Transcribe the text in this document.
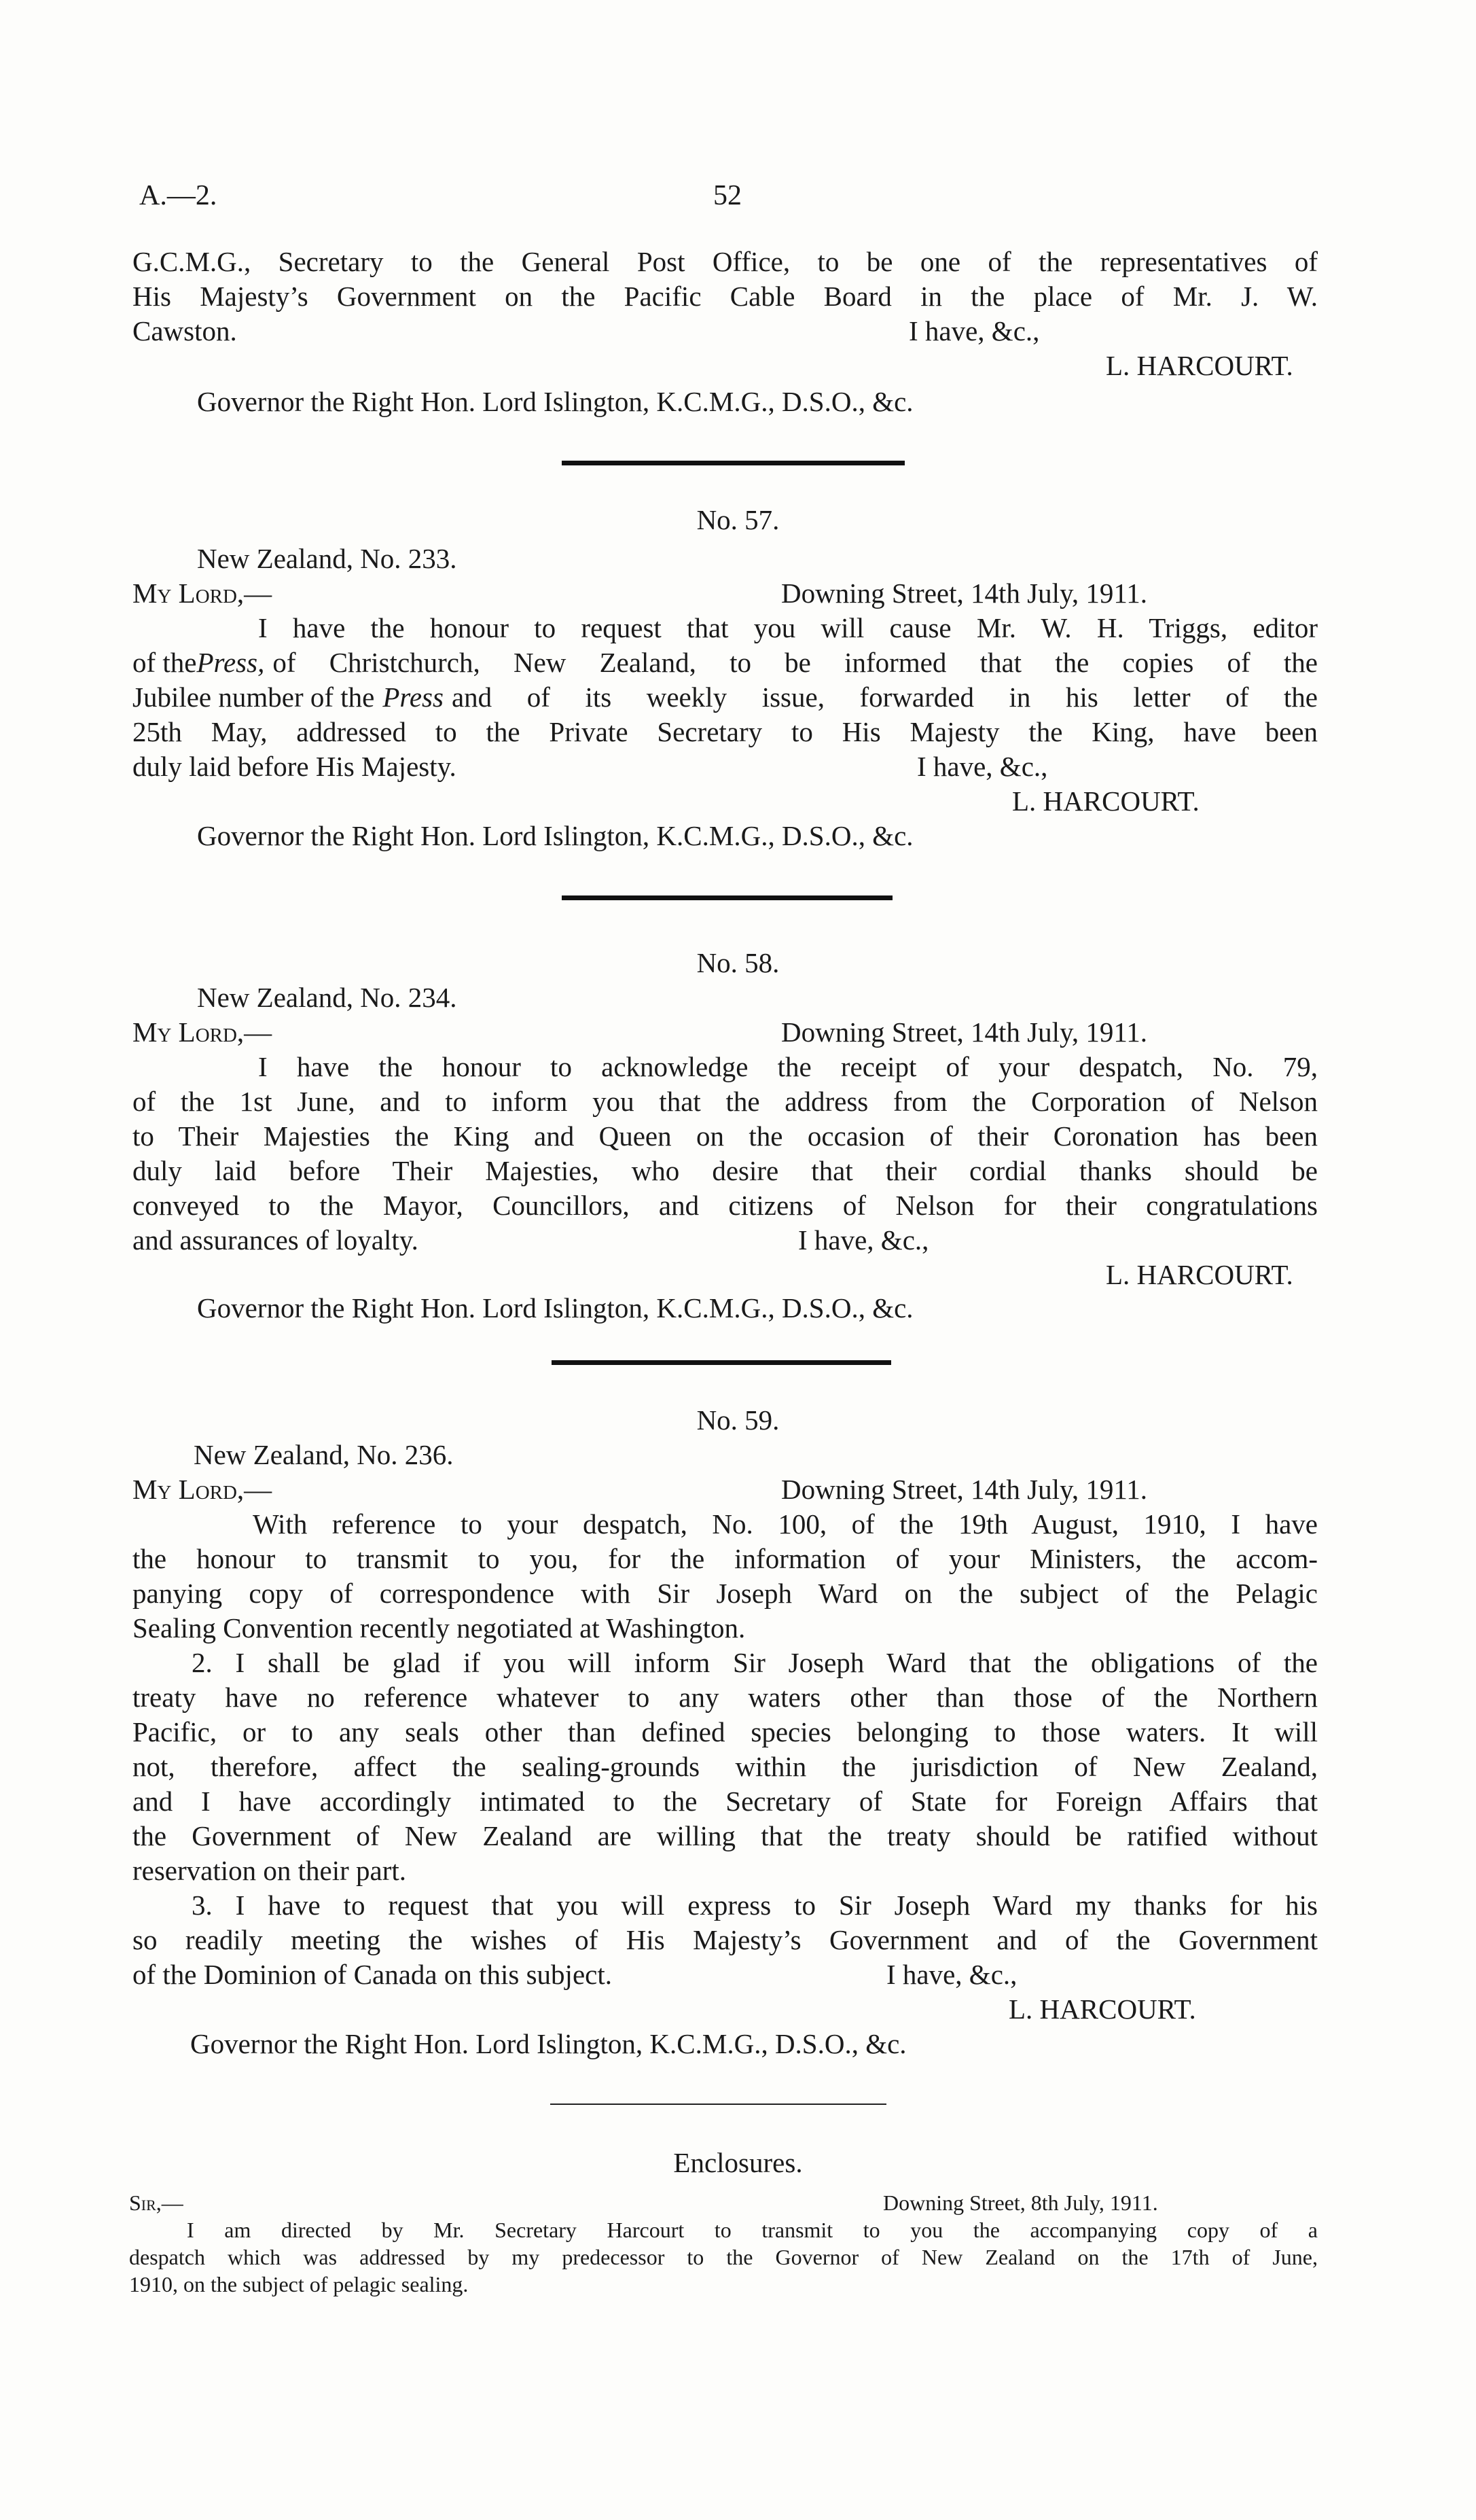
A.—2.	52
G.C.M.G., Secretary to the General Post Office, to be one of the representatives of
His Majesty’s Government on the Pacific Cable Board in the place of Mr. J. W.
Cawston.	I have, &c.,
L. HARCOURT.
Governor the Right Hon. Lord Islington, K.C.M.G., D.S.O., &c.
No. 57.
New Zealand, No. 233.
My Lord,—	Downing Street, 14th July, 1911.
I have the honour to request that you will cause Mr. W. H. Triggs, editor
of the Press, of Christchurch, New Zealand, to be informed that the copies of the
Jubilee number of the Press and of its weekly issue, forwarded in his letter of the
25th May, addressed to the Private Secretary to His Majesty the King, have been
duly laid before His Majesty.	I have, &c.,
L. HARCOURT.
Governor the Right Hon. Lord Islington, K.C.M.G., D.S.O., &c.
No. 58.
New Zealand, No. 234.
My Lord,—	Downing Street, 14th July, 1911.
I have the honour to acknowledge the receipt of your despatch, No. 79,
of the 1st June, and to inform you that the address from the Corporation of Nelson
to Their Majesties the King and Queen on the occasion of their Coronation has been
duly laid before Their Majesties, who desire that their cordial thanks should be
conveyed to the Mayor, Councillors, and citizens of Nelson for their congratulations
and assurances of loyalty.	I have, &c.,
L. HARCOURT.
Governor the Right Hon. Lord Islington, K.C.M.G., D.S.O., &c.
No. 59.
New Zealand, No. 236.
My Lord,—	Downing Street, 14th July, 1911.
With reference to your despatch, No. 100, of the 19th August, 1910, I have
the honour to transmit to you, for the information of your Ministers, the accom-
panying copy of correspondence with Sir Joseph Ward on the subject of the Pelagic
Sealing Convention recently negotiated at Washington.
2. I shall be glad if you will inform Sir Joseph Ward that the obligations of the
treaty have no reference whatever to any waters other than those of the Northern
Pacific, or to any seals other than defined species belonging to those waters. It will
not, therefore, affect the sealing-grounds within the jurisdiction of New Zealand,
and I have accordingly intimated to the Secretary of State for Foreign Affairs that
the Government of New Zealand are willing that the treaty should be ratified without
reservation on their part.
3. I have to request that you will express to Sir Joseph Ward my thanks for his
so readily meeting the wishes of His Majesty’s Government and of the Government
of the Dominion of Canada on this subject.	I have, &c.,
L. HARCOURT.
Governor the Right Hon. Lord Islington, K.C.M.G., D.S.O., &c.
Enclosures.
Sir,—	Downing Street, 8th July, 1911.
I am directed by Mr. Secretary Harcourt to transmit to you the accompanying copy of a
despatch which was addressed by my predecessor to the Governor of New Zealand on the 17th of June,
1910, on the subject of pelagic sealing.
